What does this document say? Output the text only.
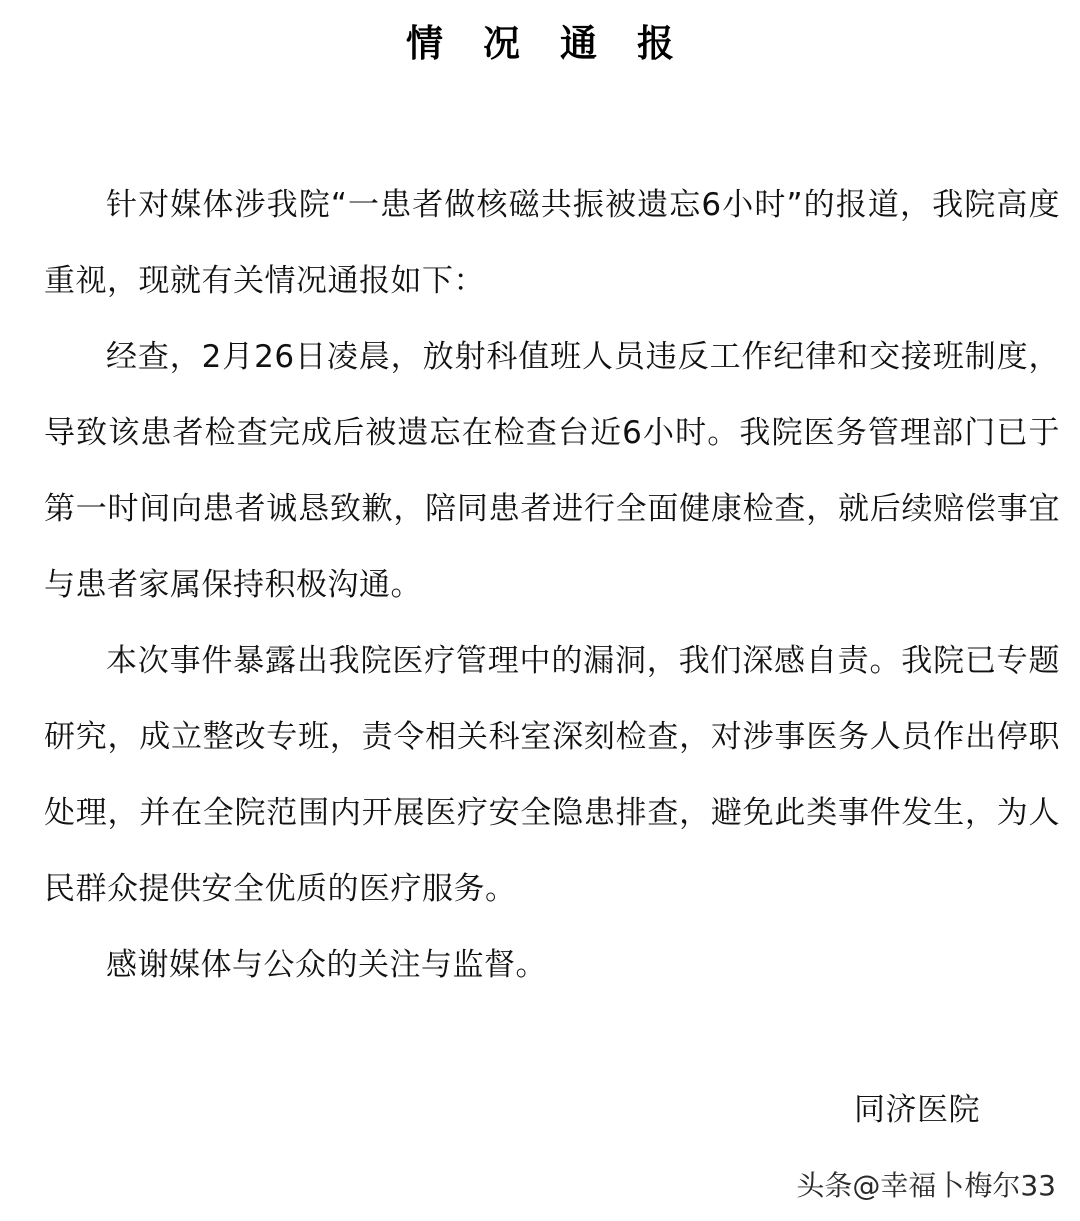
情况通报

针对媒体涉我院“一患者做核磁共振被遗忘6小时”的报道，我院高度重视，现就有关情况通报如下：

经查，2月26日凌晨，放射科值班人员违反工作纪律和交接班制度，导致该患者检查完成后被遗忘在检查台近6小时。我院医务管理部门已于第一时间向患者诚恳致歉，陪同患者进行全面健康检查，就后续赔偿事宜与患者家属保持积极沟通。

本次事件暴露出我院医疗管理中的漏洞，我们深感自责。我院已专题研究，成立整改专班，责令相关科室深刻检查，对涉事医务人员作出停职处理，并在全院范围内开展医疗安全隐患排查，避免此类事件发生，为人民群众提供安全优质的医疗服务。

感谢媒体与公众的关注与监督。

同济医院
头条@幸福卜梅尔33
